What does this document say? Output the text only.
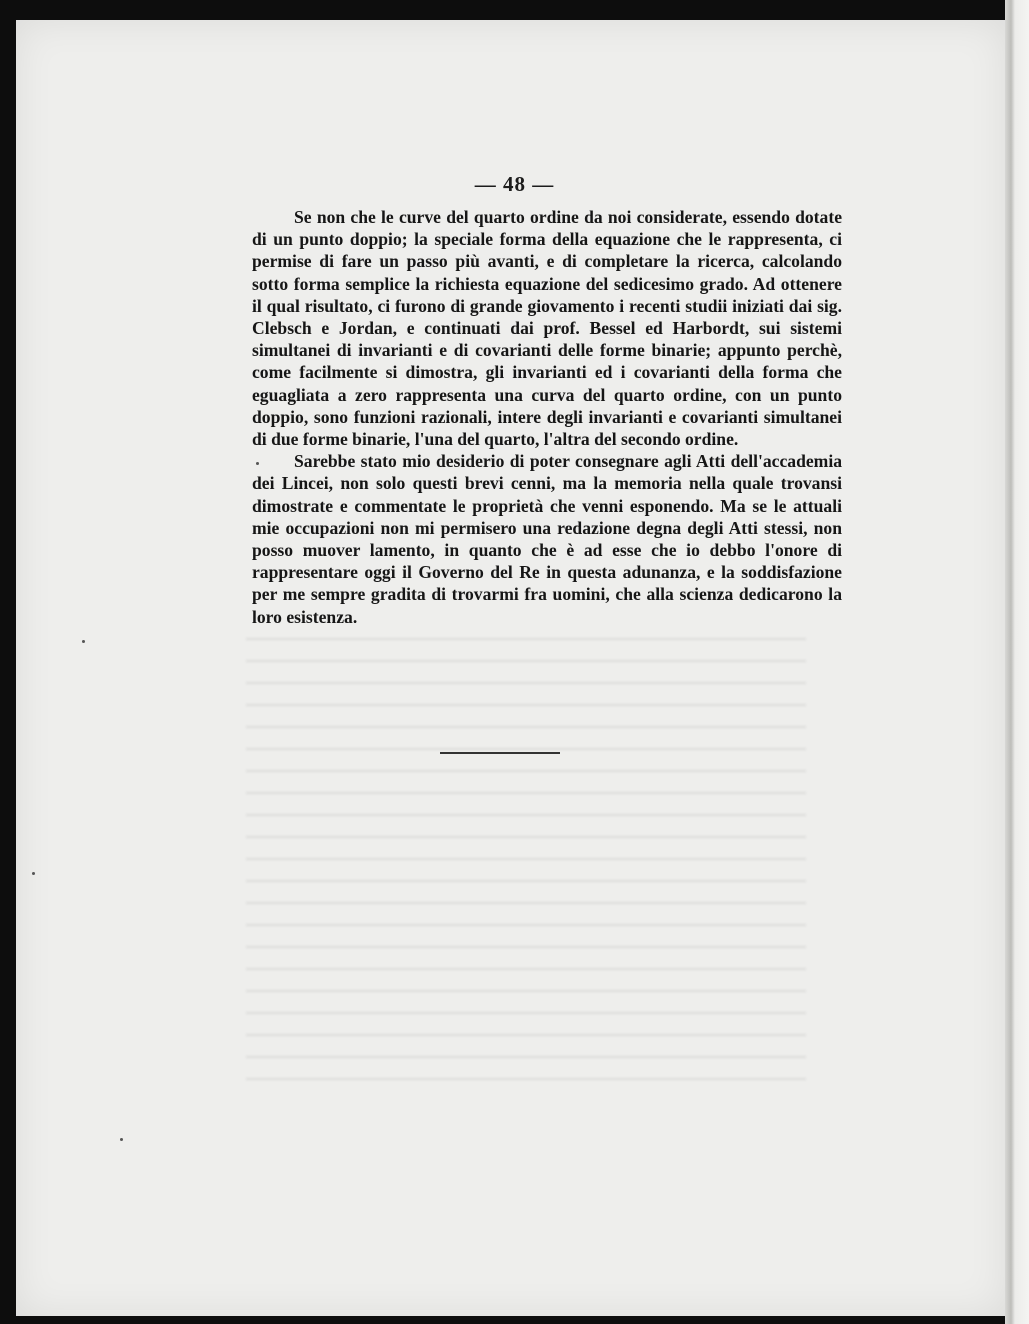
— 48 —

Se non che le curve del quarto ordine da noi considerate, essendo dotate di un punto doppio; la speciale forma della equazione che le rappresenta, ci permise di fare un passo più avanti, e di completare la ricerca, calcolando sotto forma semplice la richiesta equazione del sedicesimo grado. Ad ottenere il qual risultato, ci furono di grande giovamento i recenti studii iniziati dai sig. Clebsch e Jordan, e continuati dai prof. Bessel ed Harbordt, sui sistemi simultanei di invarianti e di covarianti delle forme binarie; appunto perchè, come facilmente si dimostra, gli invarianti ed i covarianti della forma che eguagliata a zero rappresenta una curva del quarto ordine, con un punto doppio, sono funzioni razionali, intere degli invarianti e covarianti simultanei di due forme binarie, l'una del quarto, l'altra del secondo ordine.

Sarebbe stato mio desiderio di poter consegnare agli Atti dell'accademia dei Lincei, non solo questi brevi cenni, ma la memoria nella quale trovansi dimostrate e commentate le proprietà che venni esponendo. Ma se le attuali mie occupazioni non mi permisero una redazione degna degli Atti stessi, non posso muover lamento, in quanto che è ad esse che io debbo l'onore di rappresentare oggi il Governo del Re in questa adunanza, e la soddisfazione per me sempre gradita di trovarmi fra uomini, che alla scienza dedicarono la loro esistenza.
